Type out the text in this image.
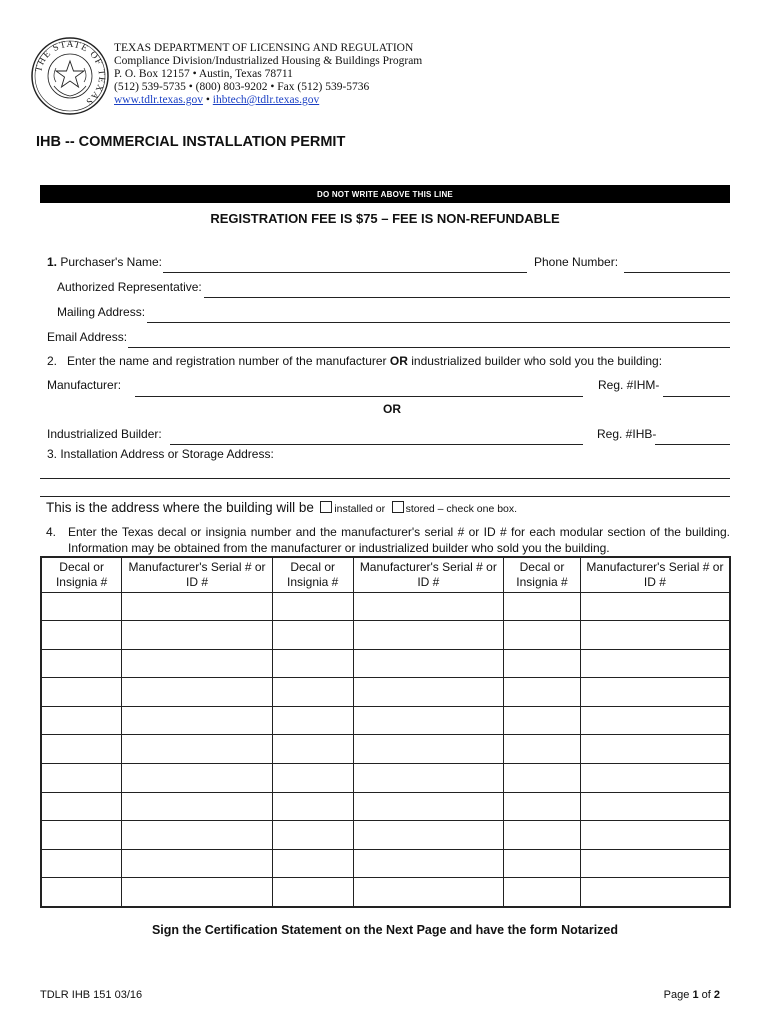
THE STATE OF TEXAS
TEXAS DEPARTMENT OF LICENSING AND REGULATION
Compliance Division/Industrialized Housing & Buildings Program
P. O. Box 12157 • Austin, Texas 78711
(512) 539-5735 • (800) 803-9202 • Fax (512) 539-5736
www.tdlr.texas.gov • ihbtech@tdlr.texas.gov
IHB -- COMMERCIAL INSTALLATION PERMIT
DO NOT WRITE ABOVE THIS LINE
REGISTRATION FEE IS $75 – FEE IS NON-REFUNDABLE
1. Purchaser's Name:	Phone Number:
Authorized Representative:
Mailing Address:
Email Address:
2. Enter the name and registration number of the manufacturer OR industrialized builder who sold you the building:
Manufacturer:	Reg. #IHM-
OR
Industrialized Builder:	Reg. #IHB-
3. Installation Address or Storage Address:
This is the address where the building will be installed or stored – check one box.
4. Enter the Texas decal or insignia number and the manufacturer's serial # or ID # for each modular section of the building. Information may be obtained from the manufacturer or industrialized builder who sold you the building.
Decal or Insignia #	Manufacturer's Serial # or ID #	Decal or Insignia #	Manufacturer's Serial # or ID #	Decal or Insignia #	Manufacturer's Serial # or ID #

Sign the Certification Statement on the Next Page and have the form Notarized
TDLR IHB 151 03/16	Page 1 of 2
